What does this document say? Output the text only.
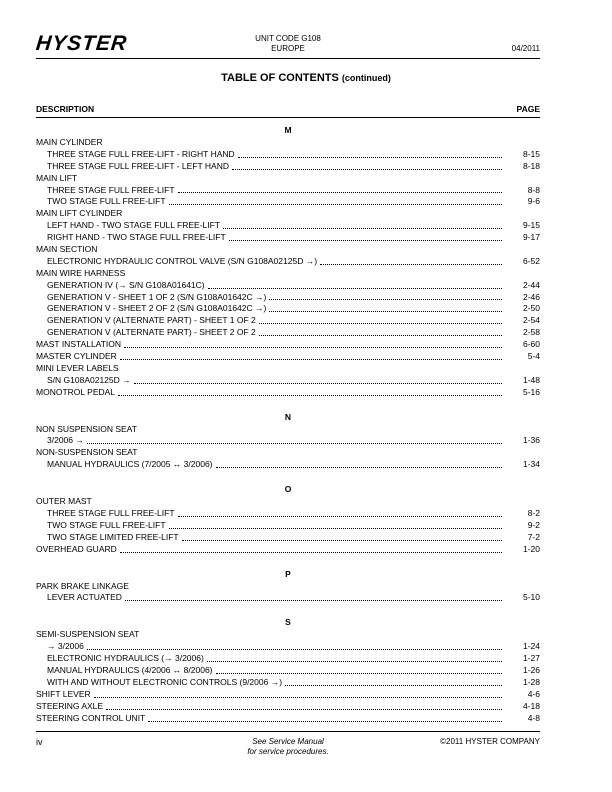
HYSTER	UNIT CODE G108
EUROPE	04/2011
TABLE OF CONTENTS (continued)
DESCRIPTION	PAGE
M
MAIN CYLINDER
THREE STAGE FULL FREE-LIFT - RIGHT HAND	8-15
THREE STAGE FULL FREE-LIFT - LEFT HAND	8-18
MAIN LIFT
THREE STAGE FULL FREE-LIFT	8-8
TWO STAGE FULL FREE-LIFT	9-6
MAIN LIFT CYLINDER
LEFT HAND - TWO STAGE FULL FREE-LIFT	9-15
RIGHT HAND - TWO STAGE FULL FREE-LIFT	9-17
MAIN SECTION
ELECTRONIC HYDRAULIC CONTROL VALVE (S/N G108A02125D →)	6-52
MAIN WIRE HARNESS
GENERATION IV (→ S/N G108A01641C)	2-44
GENERATION V - SHEET 1 OF 2 (S/N G108A01642C →)	2-46
GENERATION V - SHEET 2 OF 2 (S/N G108A01642C →)	2-50
GENERATION V (ALTERNATE PART) - SHEET 1 OF 2	2-54
GENERATION V (ALTERNATE PART) - SHEET 2 OF 2	2-58
MAST INSTALLATION	6-60
MASTER CYLINDER	5-4
MINI LEVER LABELS
S/N G108A02125D →	1-48
MONOTROL PEDAL	5-16
N
NON SUSPENSION SEAT
3/2006 →	1-36
NON-SUSPENSION SEAT
MANUAL HYDRAULICS (7/2005 ↔ 3/2006)	1-34
O
OUTER MAST
THREE STAGE FULL FREE-LIFT	8-2
TWO STAGE FULL FREE-LIFT	9-2
TWO STAGE LIMITED FREE-LIFT	7-2
OVERHEAD GUARD	1-20
P
PARK BRAKE LINKAGE
LEVER ACTUATED	5-10
S
SEMI-SUSPENSION SEAT
→ 3/2006	1-24
ELECTRONIC HYDRAULICS (→ 3/2006)	1-27
MANUAL HYDRAULICS (4/2006 ↔ 8/2006)	1-26
WITH AND WITHOUT ELECTRONIC CONTROLS (9/2006 →)	1-28
SHIFT LEVER	4-6
STEERING AXLE	4-18
STEERING CONTROL UNIT	4-8
iv	See Service Manual
for service procedures.
©2011 HYSTER COMPANY
